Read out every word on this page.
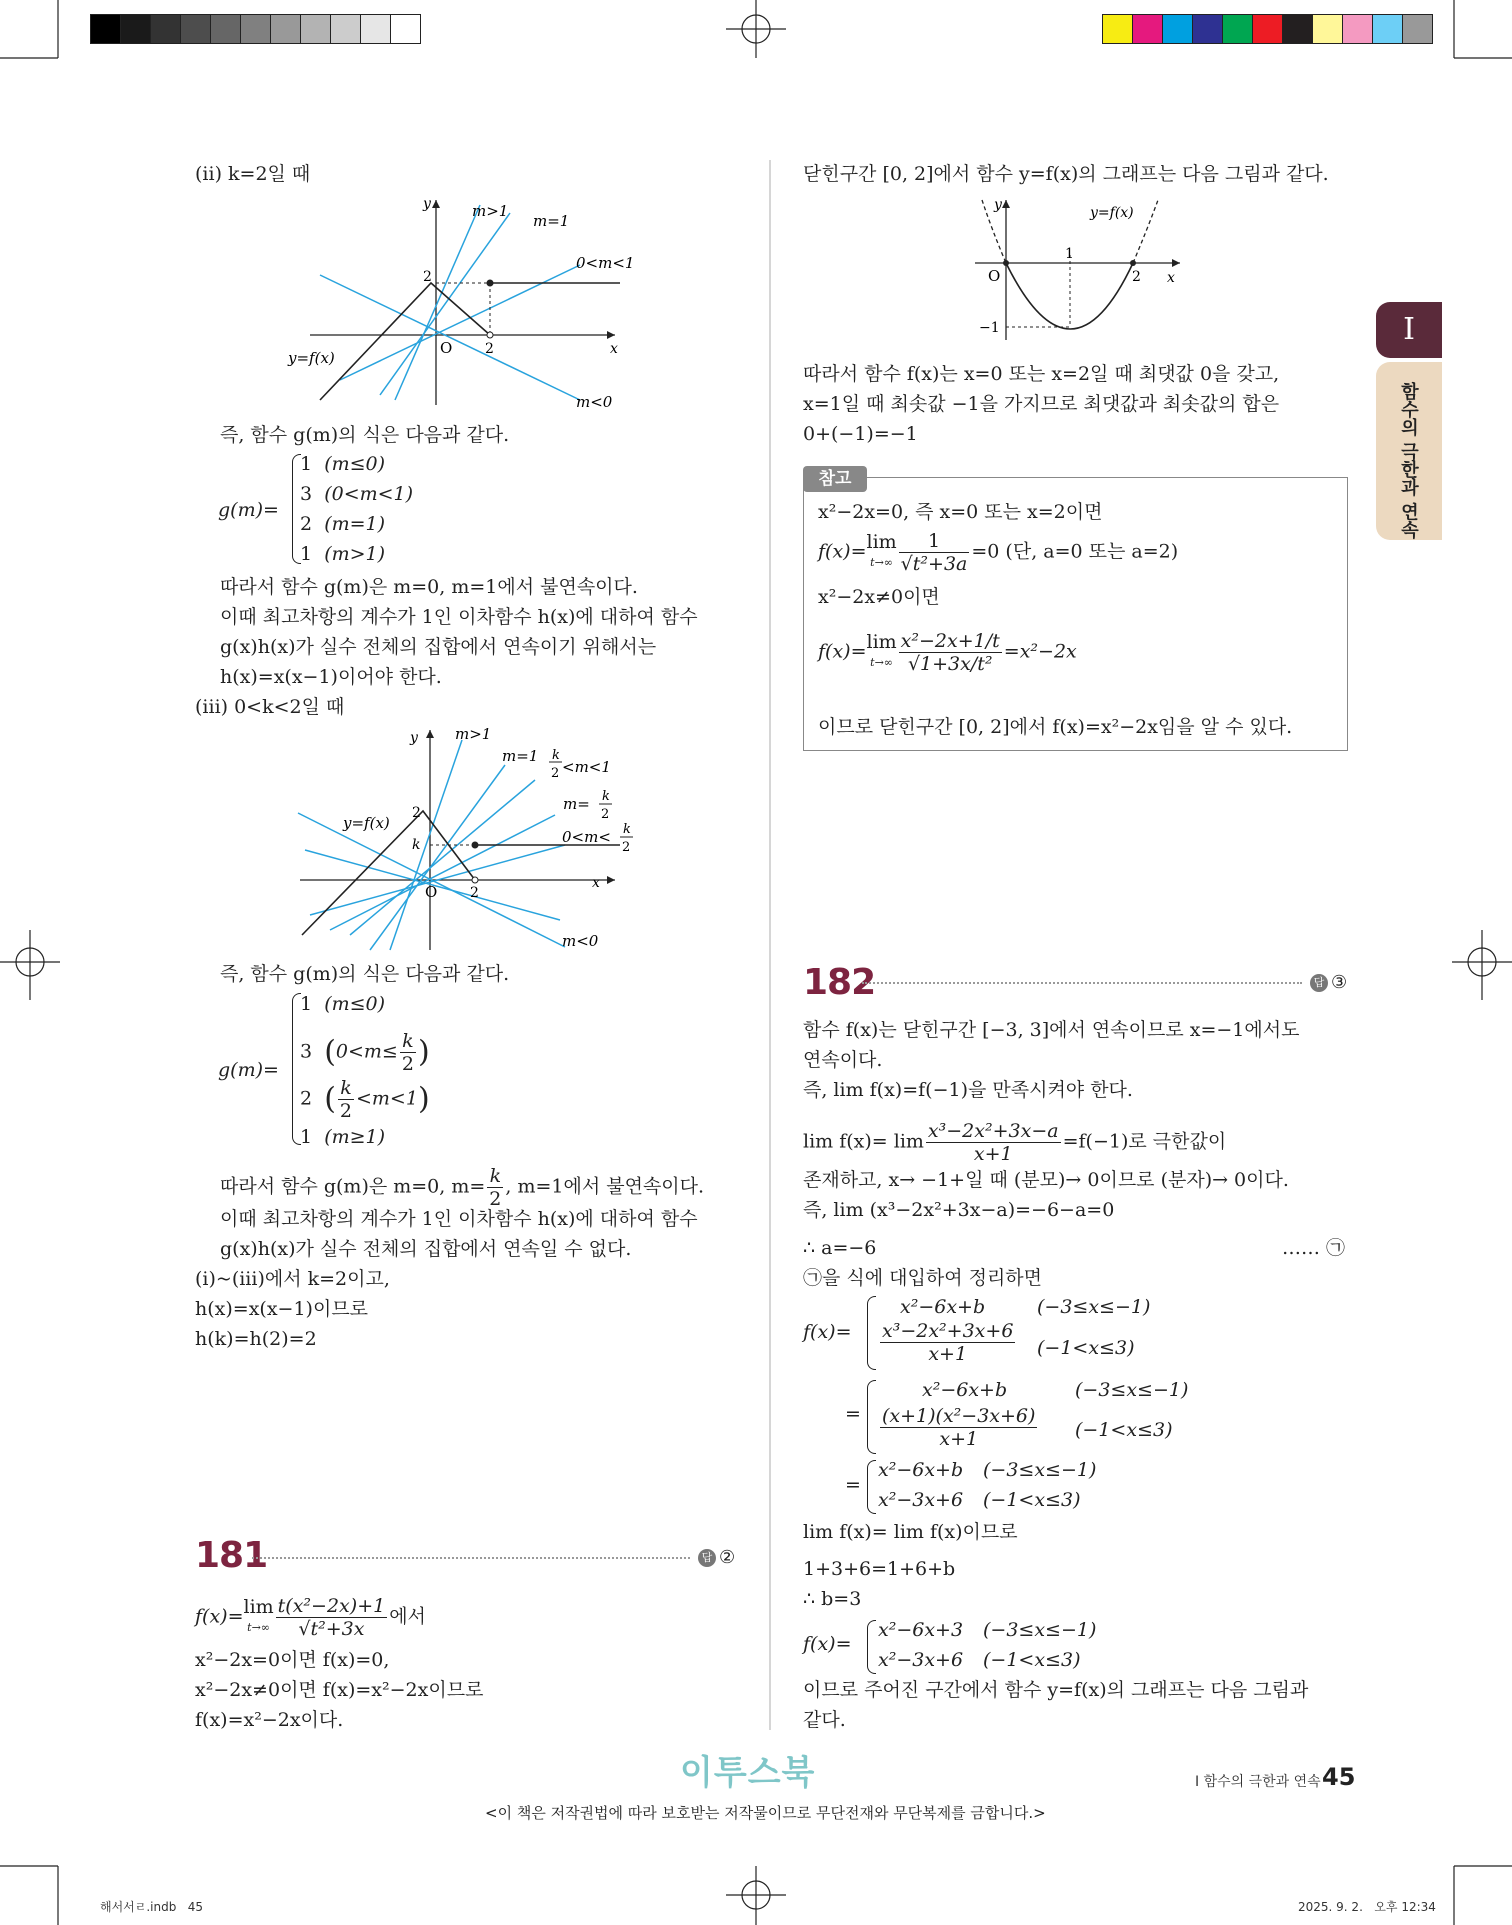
I
함수의 극한과 연속
(ii) k=2일 때
y
x
O
2
2
y=f(x)
m>1
m=1
0<m<1
m<0
즉, 함수 g(m)의 식은 다음과 같다.
g(m)=
1 (m≤0)
3 (0<m<1)
2 (m=1)
1 (m>1)
따라서 함수 g(m)은 m=0, m=1에서 불연속이다.
이때 최고차항의 계수가 1인 이차함수 h(x)에 대하여 함수
g(x)h(x)가 실수 전체의 집합에서 연속이기 위해서는
h(x)=x(x−1)이어야 한다.
(iii) 0<k<2일 때
y
x
O
2
k
2
y=f(x)
m>1
m=1 k
2 <m<1
m= k
2
0<m< k
2
m<0
즉, 함수 g(m)의 식은 다음과 같다.
g(m)=
1 (m≤0)
3 ($0<m\le \frac{k}{2}$ )
2 ( $\frac{k}{2} <m<1$)
1 (m≥1)
따라서 함수 g(m)은 m=0, $m= \frac{k}{2}$ , m=1에서 불연속이다.
이때 최고차항의 계수가 1인 이차함수 h(x)에 대하여 함수
g(x)h(x)가 실수 전체의 집합에서 연속일 수 없다.
(i)~(iii)에서 k=2이고,
h(x)=x(x−1)이므로
h(k)=h(2)=2
181	답 ②
f(x)=lim
$t\to\infty \frac{\text{t(x²−2x)+1}}{\text{√t²+3x}}$ 에서
x²−2x=0이면 f(x)=0,
x²−2x≠0이면 f(x)=x²−2x이므로
f(x)=x²−2x이다.
닫힌구간 [0, 2]에서 함수 y=f(x)의 그래프는 다음 그림과 같다.
y
x
O
1
2
−1
y=f(x)
따라서 함수 f(x)는 x=0 또는 x=2일 때 최댓값 0을 갖고,
x=1일 때 최솟값 −1을 가지므로 최댓값과 최솟값의 합은
0+(−1)=−1
참고
x²−2x=0, 즉 x=0 또는 x=2이면
f(x)=lim
$t\to\infty \frac{1}{\text{√t²+3a}} =0$ (단, a=0 또는 a=2)
x²−2x≠0이면
f(x)=lim
$t\to\infty \frac{\text{x²−2x+1/t}}{\text{√1+3x/t²}} =x^2-2x$
이므로 닫힌구간 [0, 2]에서 f(x)=x²−2x임을 알 수 있다.
182	답 ③
함수 f(x)는 닫힌구간 [−3, 3]에서 연속이므로 x=−1에서도
연속이다.
즉, lim f(x)=f(−1)을 만족시켜야 한다.
$\lim f(x)= \lim \frac{\text{x³−2x²+3x−a}}{x+1} =f(-1)$로 극한값이
존재하고, x→ −1+일 때 (분모)→ 0이므로 (분자)→ 0이다.
즉, lim (x³−2x²+3x−a)=−6−a=0
∴ a=−6	…… ㉠
㉠을 식에 대입하여 정리하면
f(x)=
x²−6x+b	(−3≤x≤−1)
$\frac{\text{x³−2x²+3x+6}}{x+1} (-1<x\le 3)$
=
x²−6x+b	(−3≤x≤−1)
$\frac{\text{(x+1)(x²−3x+6)}}{x+1} (-1<x\le 3)$
=
x²−6x+b (−3≤x≤−1)
x²−3x+6 (−1<x≤3)
lim f(x)= lim f(x)이므로
1+3+6=1+6+b
∴ b=3
f(x)=
x²−6x+3 (−3≤x≤−1)
x²−3x+6 (−1<x≤3)
이므로 주어진 구간에서 함수 y=f(x)의 그래프는 다음 그림과
같다.
이투스북	I 함수의 극한과 연속 45
<이 책은 저작권법에 따라 보호받는 저작물이므로 무단전재와 무단복제를 금합니다.>
해서서ㄹ.indb   45	2025. 9. 2.   오후 12:34
